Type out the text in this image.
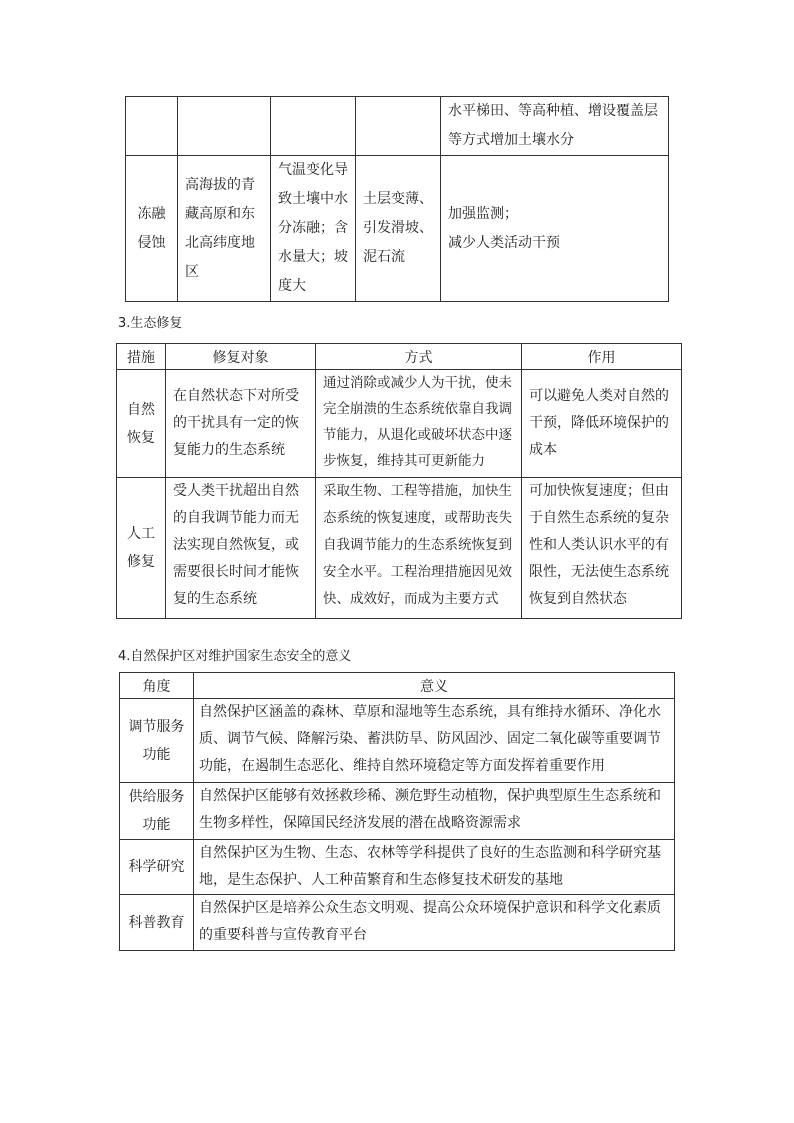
				水平梯田、等高种植、增设覆盖层等方式增加土壤水分
冻融侵蚀	高海拔的青藏高原和东北高纬度地区	气温变化导致土壤中水分冻融；含水量大；坡度大	土层变薄、引发滑坡、泥石流	加强监测；
减少人类活动干预
3.生态修复
措施	修复对象	方式	作用
自然恢复	在自然状态下对所受的干扰具有一定的恢复能力的生态系统	通过消除或减少人为干扰，使未完全崩溃的生态系统依靠自我调节能力，从退化或破坏状态中逐步恢复，维持其可更新能力	可以避免人类对自然的干预，降低环境保护的成本
人工修复	受人类干扰超出自然的自我调节能力而无法实现自然恢复，或需要很长时间才能恢复的生态系统	采取生物、工程等措施，加快生态系统的恢复速度，或帮助丧失自我调节能力的生态系统恢复到安全水平。工程治理措施因见效快、成效好，而成为主要方式	可加快恢复速度；但由于自然生态系统的复杂性和人类认识水平的有限性，无法使生态系统恢复到自然状态
4.自然保护区对维护国家生态安全的意义
角度	意义
调节服务功能	自然保护区涵盖的森林、草原和湿地等生态系统，具有维持水循环、净化水质、调节气候、降解污染、蓄洪防旱、防风固沙、固定二氧化碳等重要调节功能，在遏制生态恶化、维持自然环境稳定等方面发挥着重要作用
供给服务功能	自然保护区能够有效拯救珍稀、濒危野生动植物，保护典型原生生态系统和生物多样性，保障国民经济发展的潜在战略资源需求
科学研究	自然保护区为生物、生态、农林等学科提供了良好的生态监测和科学研究基地，是生态保护、人工种苗繁育和生态修复技术研发的基地
科普教育	自然保护区是培养公众生态文明观、提高公众环境保护意识和科学文化素质的重要科普与宣传教育平台
